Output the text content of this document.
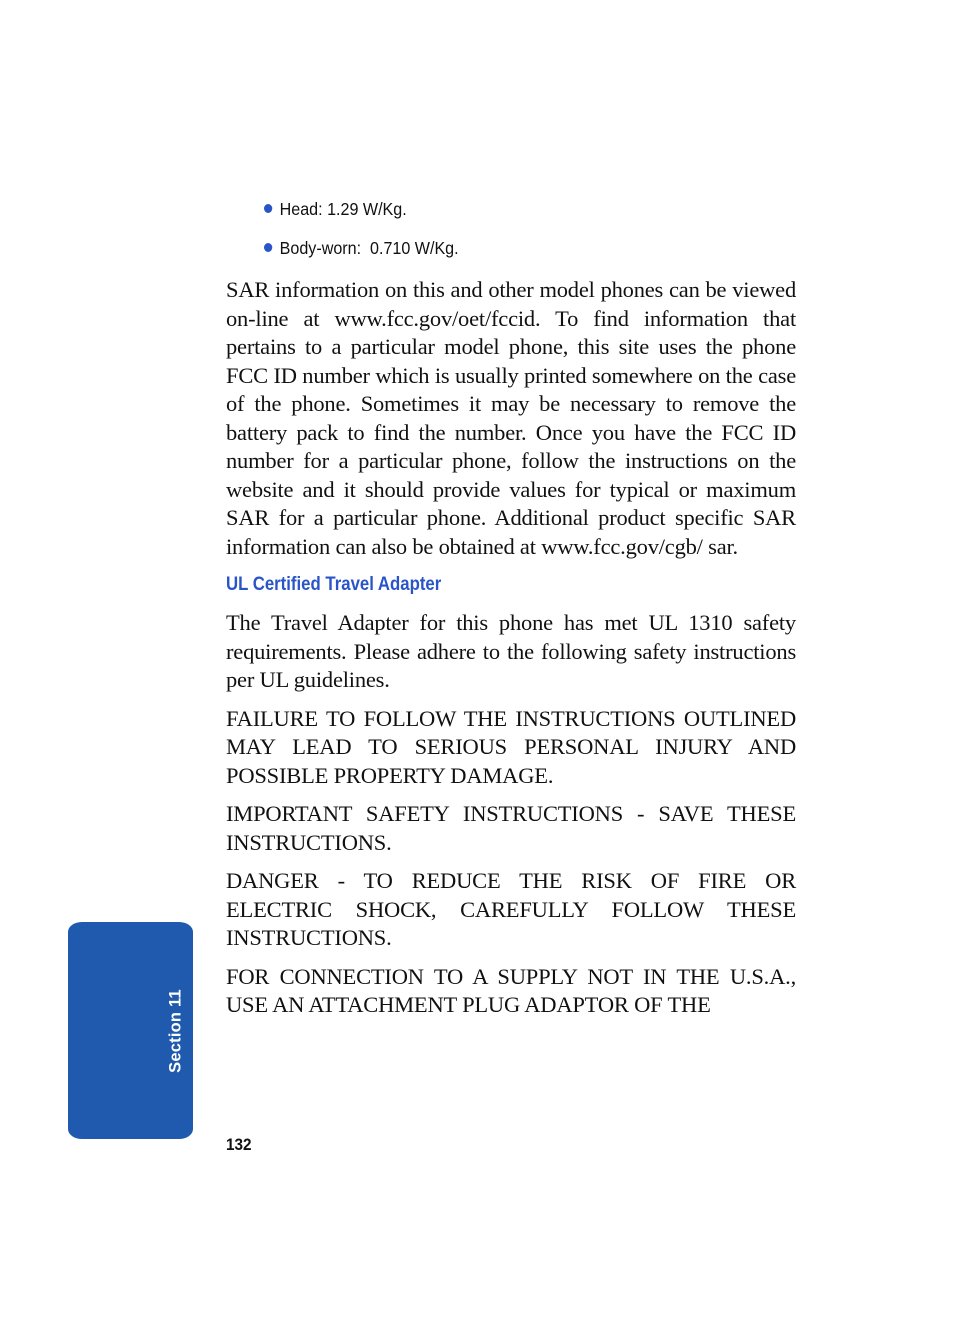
Head: 1.29 W/Kg.
Body-worn:  0.710 W/Kg.

SAR information on this and other model phones can be viewed on-line at www.fcc.gov/oet/fccid. To find information that pertains to a particular model phone, this site uses the phone FCC ID number which is usually printed somewhere on the case of the phone. Sometimes it may be necessary to remove the battery pack to find the number. Once you have the FCC ID number for a particular phone, follow the instructions on the website and it should provide values for typical or maximum SAR for a particular phone. Additional product specific SAR information can also be obtained at www.fcc.gov/cgb/ sar.

UL Certified Travel Adapter

The Travel Adapter for this phone has met UL 1310 safety requirements. Please adhere to the following safety instructions per UL guidelines.

FAILURE TO FOLLOW THE INSTRUCTIONS OUTLINED MAY LEAD TO SERIOUS PERSONAL INJURY AND POSSIBLE PROPERTY DAMAGE.

IMPORTANT SAFETY INSTRUCTIONS - SAVE THESE INSTRUCTIONS.

DANGER - TO REDUCE THE RISK OF FIRE OR ELECTRIC SHOCK, CAREFULLY FOLLOW THESE INSTRUCTIONS.

FOR CONNECTION TO A SUPPLY NOT IN THE U.S.A., USE AN ATTACHMENT PLUG ADAPTOR OF THE

Section 11
132
